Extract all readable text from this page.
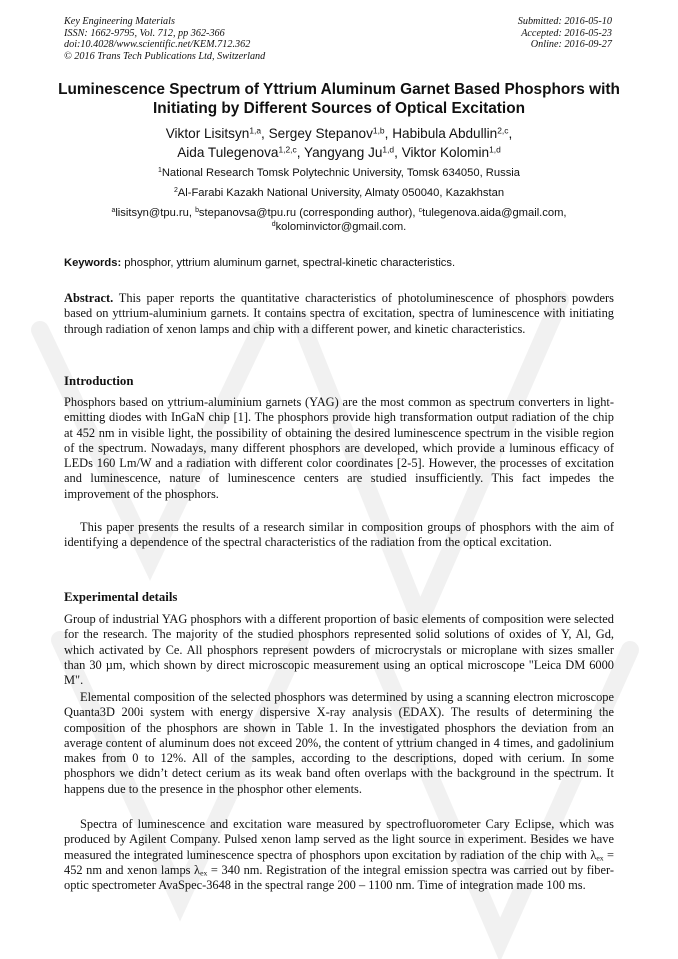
Key Engineering Materials
ISSN: 1662-9795, Vol. 712, pp 362-366
doi:10.4028/www.scientific.net/KEM.712.362
© 2016 Trans Tech Publications Ltd, Switzerland
Submitted: 2016-05-10
Accepted: 2016-05-23
Online: 2016-09-27
Luminescence Spectrum of Yttrium Aluminum Garnet Based Phosphors with Initiating by Different Sources of Optical Excitation

Viktor Lisitsyn$^{1,a}$, Sergey Stepanov$^{1,b}$, Habibula Abdullin$^{2,c}$,
Aida Tulegenova$^{1,2,c}$, Yangyang Ju$^{1,d}$, Viktor Kolomin$^{1,d}$

$^1$National Research Tomsk Polytechnic University, Tomsk 634050, Russia

$^2$Al-Farabi Kazakh National University, Almaty 050040, Kazakhstan

$^a$lisitsyn@tpu.ru, $^b$stepanovsa@tpu.ru (corresponding author), $^c$tulegenova.aida@gmail.com,
$^d$kolominvictor@gmail.com.

Keywords: phosphor, yttrium aluminum garnet, spectral-kinetic characteristics.

Abstract. This paper reports the quantitative characteristics of photoluminescence of phosphors powders based on yttrium-aluminium garnets. It contains spectra of excitation, spectra of luminescence with initiating through radiation of xenon lamps and chip with a different power, and kinetic characteristics.

Introduction

Phosphors based on yttrium-aluminium garnets (YAG) are the most common as spectrum converters in light-emitting diodes with InGaN chip [1]. The phosphors provide high transformation output radiation of the chip at 452 nm in visible light, the possibility of obtaining the desired luminescence spectrum in the visible region of the spectrum. Nowadays, many different phosphors are developed, which provide a luminous efficacy of LEDs 160 Lm/W and a radiation with different color coordinates [2-5]. However, the processes of excitation and luminescence, nature of luminescence centers are studied insufficiently. This fact impedes the improvement of the phosphors.

This paper presents the results of a research similar in composition groups of phosphors with the aim of identifying a dependence of the spectral characteristics of the radiation from the optical excitation.

Experimental details

Group of industrial YAG phosphors with a different proportion of basic elements of composition were selected for the research. The majority of the studied phosphors represented solid solutions of oxides of Y, Al, Gd, which activated by Ce. All phosphors represent powders of microcrystals or microplane with sizes smaller than 30 µm, which shown by direct microscopic measurement using an optical microscope "Leica DM 6000 M".

Elemental composition of the selected phosphors was determined by using a scanning electron microscope Quanta3D 200i system with energy dispersive X-ray analysis (EDAX). The results of determining the composition of the phosphors are shown in Table 1. In the investigated phosphors the deviation from an average content of aluminum does not exceed 20%, the content of yttrium changed in 4 times, and gadolinium makes from 0 to 12%. All of the samples, according to the descriptions, doped with cerium. In some phosphors we didn’t detect cerium as its weak band often overlaps with the background in the spectrum. It happens due to the presence in the phosphor other elements.

Spectra of luminescence and excitation ware measured by spectrofluorometer Cary Eclipse, which was produced by Agilent Company. Pulsed xenon lamp served as the light source in experiment. Besides we have measured the integrated luminescence spectra of phosphors upon excitation by radiation of the chip with $\lambda_{ex} = 452$ nm and xenon lamps $\lambda_{ex} = 340$ nm. Registration of the integral emission spectra was carried out by fiber-optic spectrometer AvaSpec-3648 in the spectral range 200 – 1100 nm. Time of integration made 100 ms.
